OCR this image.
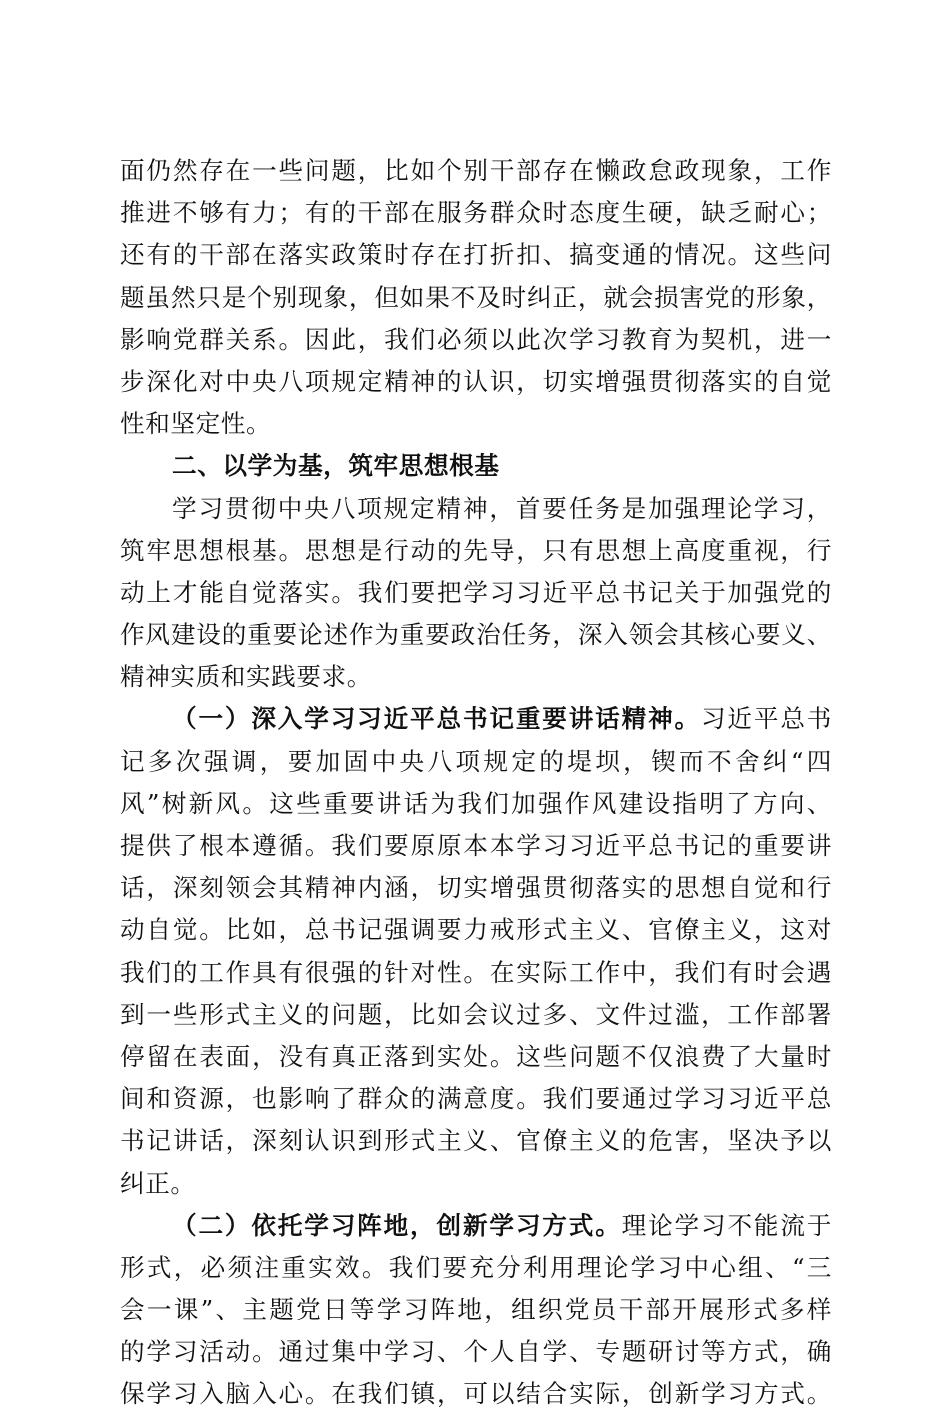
面仍然存在一些问题，比如个别干部存在懒政怠政现象，工作
推进不够有力；有的干部在服务群众时态度生硬，缺乏耐心；
还有的干部在落实政策时存在打折扣、搞变通的情况。这些问
题虽然只是个别现象，但如果不及时纠正，就会损害党的形象，
影响党群关系。因此，我们必须以此次学习教育为契机，进一
步深化对中央八项规定精神的认识，切实增强贯彻落实的自觉
性和坚定性。
二、以学为基，筑牢思想根基
学习贯彻中央八项规定精神，首要任务是加强理论学习，
筑牢思想根基。思想是行动的先导，只有思想上高度重视，行
动上才能自觉落实。我们要把学习习近平总书记关于加强党的
作风建设的重要论述作为重要政治任务，深入领会其核心要义、
精神实质和实践要求。
（一）深入学习习近平总书记重要讲话精神。习近平总书
记多次强调，要加固中央八项规定的堤坝，锲而不舍纠“四
风”树新风。这些重要讲话为我们加强作风建设指明了方向、
提供了根本遵循。我们要原原本本学习习近平总书记的重要讲
话，深刻领会其精神内涵，切实增强贯彻落实的思想自觉和行
动自觉。比如，总书记强调要力戒形式主义、官僚主义，这对
我们的工作具有很强的针对性。在实际工作中，我们有时会遇
到一些形式主义的问题，比如会议过多、文件过滥，工作部署
停留在表面，没有真正落到实处。这些问题不仅浪费了大量时
间和资源，也影响了群众的满意度。我们要通过学习习近平总
书记讲话，深刻认识到形式主义、官僚主义的危害，坚决予以
纠正。
（二）依托学习阵地，创新学习方式。理论学习不能流于
形式，必须注重实效。我们要充分利用理论学习中心组、“三
会一课”、主题党日等学习阵地，组织党员干部开展形式多样
的学习活动。通过集中学习、个人自学、专题研讨等方式，确
保学习入脑入心。在我们镇，可以结合实际，创新学习方式。
